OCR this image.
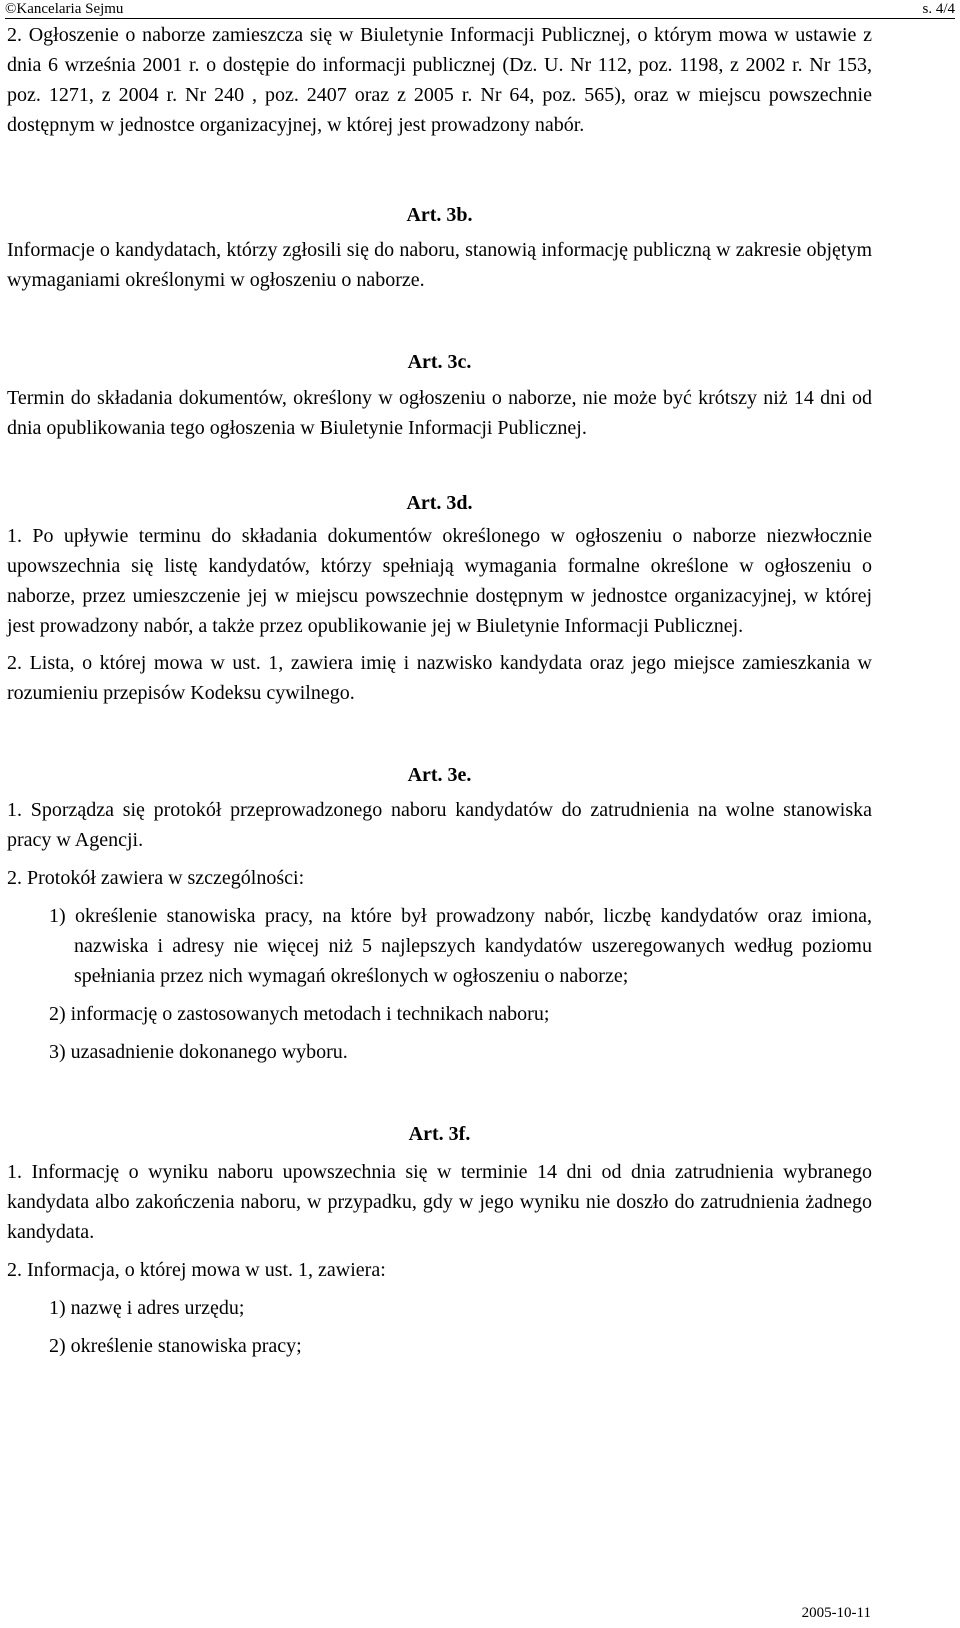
©Kancelaria Sejmu	s. 4/4

2. Ogłoszenie o naborze zamieszcza się w Biuletynie Informacji Publicznej, o którym mowa w ustawie z dnia 6 września 2001 r. o dostępie do informacji publicznej (Dz. U. Nr 112, poz. 1198, z 2002 r. Nr 153, poz. 1271, z 2004 r. Nr 240 , poz. 2407 oraz z 2005 r. Nr 64, poz. 565), oraz w miejscu powszechnie dostępnym w jednostce organizacyjnej, w której jest prowadzony nabór.

Art. 3b.

Informacje o kandydatach, którzy zgłosili się do naboru, stanowią informację publiczną w zakresie objętym wymaganiami określonymi w ogłoszeniu o naborze.

Art. 3c.

Termin do składania dokumentów, określony w ogłoszeniu o naborze, nie może być krótszy niż 14 dni od dnia opublikowania tego ogłoszenia w Biuletynie Informacji Publicznej.

Art. 3d.

1. Po upływie terminu do składania dokumentów określonego w ogłoszeniu o naborze niezwłocznie upowszechnia się listę kandydatów, którzy spełniają wymagania formalne określone w ogłoszeniu o naborze, przez umieszczenie jej w miejscu powszechnie dostępnym w jednostce organizacyjnej, w której jest prowadzony nabór, a także przez opublikowanie jej w Biuletynie Informacji Publicznej.

2. Lista, o której mowa w ust. 1, zawiera imię i nazwisko kandydata oraz jego miejsce zamieszkania w rozumieniu przepisów Kodeksu cywilnego.

Art. 3e.

1. Sporządza się protokół przeprowadzonego naboru kandydatów do zatrudnienia na wolne stanowiska pracy w Agencji.

2. Protokół zawiera w szczególności:

1) określenie stanowiska pracy, na które był prowadzony nabór, liczbę kandydatów oraz imiona, nazwiska i adresy nie więcej niż 5 najlepszych kandydatów uszeregowanych według poziomu spełniania przez nich wymagań określonych w ogłoszeniu o naborze;

2) informację o zastosowanych metodach i technikach naboru;

3) uzasadnienie dokonanego wyboru.

Art. 3f.

1. Informację o wyniku naboru upowszechnia się w terminie 14 dni od dnia zatrudnienia wybranego kandydata albo zakończenia naboru, w przypadku, gdy w jego wyniku nie doszło do zatrudnienia żadnego kandydata.

2. Informacja, o której mowa w ust. 1, zawiera:

1) nazwę i adres urzędu;

2) określenie stanowiska pracy;

2005-10-11
